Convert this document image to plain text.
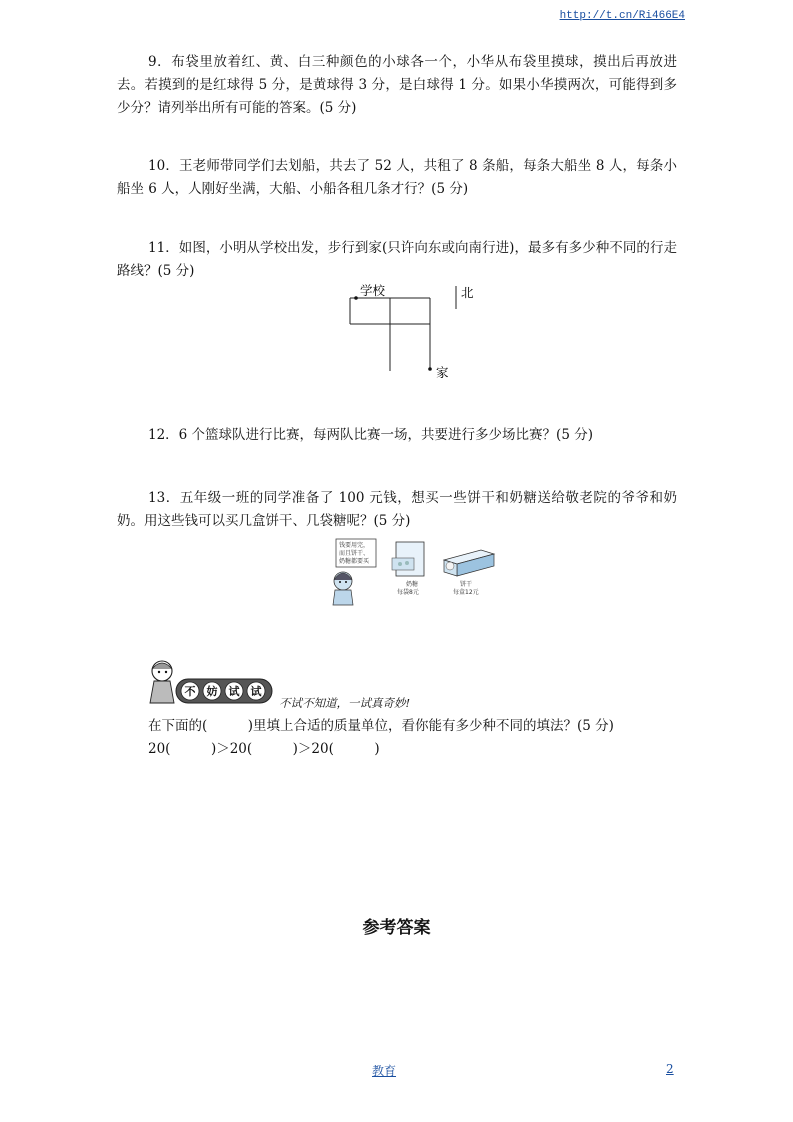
http://t.cn/Ri466E4
9．布袋里放着红、黄、白三种颜色的小球各一个，小华从布袋里摸球，摸出后再放进去。若摸到的是红球得 5 分，是黄球得 3 分，是白球得 1 分。如果小华摸两次，可能得到多少分？请列举出所有可能的答案。(5 分)
10．王老师带同学们去划船，共去了 52 人，共租了 8 条船，每条大船坐 8 人，每条小船坐 6 人，人刚好坐满，大船、小船各租几条才行？(5 分)
11．如图，小明从学校出发，步行到家(只许向东或向南行进)，最多有多少种不同的行走路线？(5 分)
学校	北
家
12．6 个篮球队进行比赛，每两队比赛一场，共要进行多少场比赛？(5 分)
13．五年级一班的同学准备了 100 元钱，想买一些饼干和奶糖送给敬老院的爷爷和奶奶。用这些钱可以买几盒饼干、几袋糖呢？(5 分)
钱要用完，
而且饼干、
奶糖都要买
奶糖
每袋8元
饼干
每盒12元
不 妨 试 试
不试不知道，一试真奇妙!
在下面的(　　　)里填上合适的质量单位，看你能有多少种不同的填法？(5 分)
20(　　　)＞20(　　　)＞20(　　　)
参考答案
教育	2
